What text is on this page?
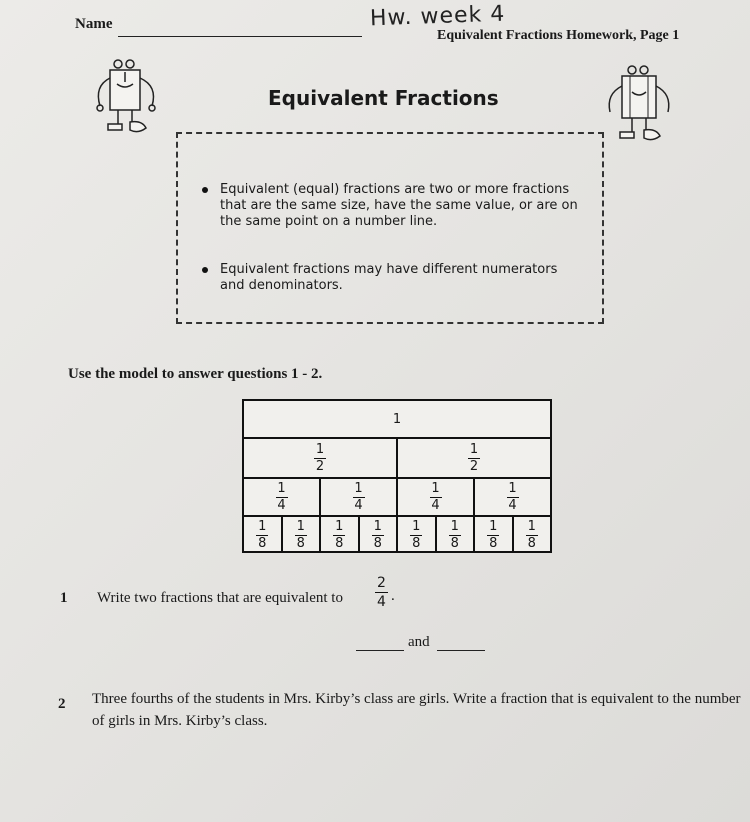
Name	Hw. week 4
Equivalent Fractions Homework, Page 1
Equivalent Fractions
Equivalent (equal) fractions are two or more fractions that are the same size, have the same value, or are on the same point on a number line.
Equivalent fractions may have different numerators and denominators.
Use the model to answer questions 1 - 2.
1
$\frac{1}{2}$	$\frac{1}{2}$
$\frac{1}{4}$	$\frac{1}{4}$	$\frac{1}{4}$	$\frac{1}{4}$
$\frac{1}{8} \frac{1}{8} \frac{1}{8} \frac{1}{8} \frac{1}{8} \frac{1}{8} \frac{1}{8} \frac{1}{8}$
1 Write two fractions that are equivalent to
2
4 .
and
2 Three fourths of the students in Mrs. Kirby’s class are girls. Write a fraction that is equivalent to the number of girls in Mrs. Kirby’s class.
